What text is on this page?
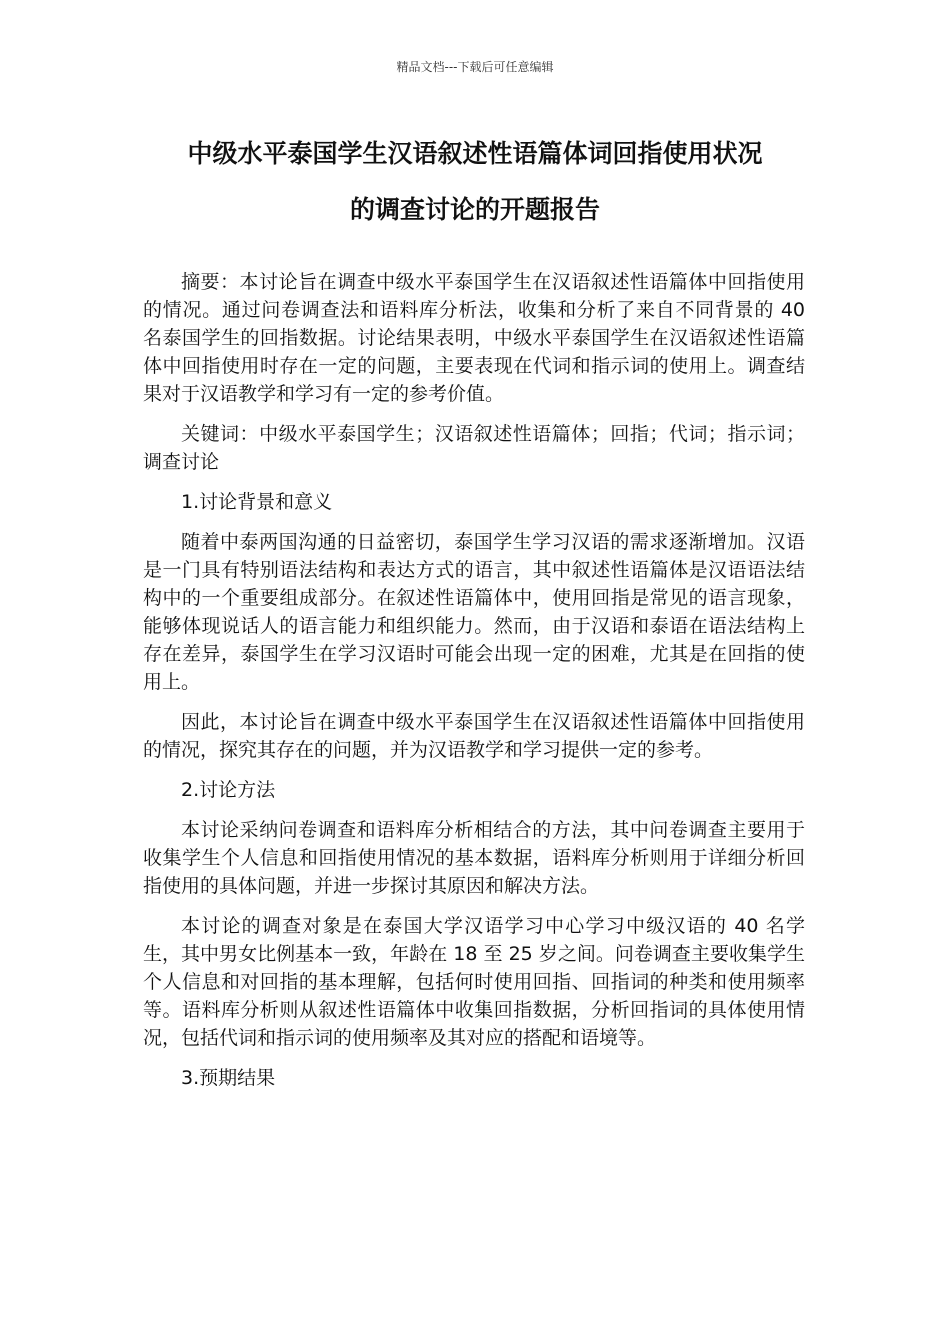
精品文档---下载后可任意编辑
中级水平泰国学生汉语叙述性语篇体词回指使用状况
的调查讨论的开题报告

摘要：本讨论旨在调查中级水平泰国学生在汉语叙述性语篇体中回指使用的情况。通过问卷调查法和语料库分析法，收集和分析了来自不同背景的 40 名泰国学生的回指数据。讨论结果表明，中级水平泰国学生在汉语叙述性语篇体中回指使用时存在一定的问题，主要表现在代词和指示词的使用上。调查结果对于汉语教学和学习有一定的参考价值。

关键词：中级水平泰国学生；汉语叙述性语篇体；回指；代词；指示词；调查讨论

1.讨论背景和意义

随着中泰两国沟通的日益密切，泰国学生学习汉语的需求逐渐增加。汉语是一门具有特别语法结构和表达方式的语言，其中叙述性语篇体是汉语语法结构中的一个重要组成部分。在叙述性语篇体中，使用回指是常见的语言现象，能够体现说话人的语言能力和组织能力。然而，由于汉语和泰语在语法结构上存在差异，泰国学生在学习汉语时可能会出现一定的困难，尤其是在回指的使用上。

因此，本讨论旨在调查中级水平泰国学生在汉语叙述性语篇体中回指使用的情况，探究其存在的问题，并为汉语教学和学习提供一定的参考。

2.讨论方法

本讨论采纳问卷调查和语料库分析相结合的方法，其中问卷调查主要用于收集学生个人信息和回指使用情况的基本数据，语料库分析则用于详细分析回指使用的具体问题，并进一步探讨其原因和解决方法。

本讨论的调查对象是在泰国大学汉语学习中心学习中级汉语的 40 名学生，其中男女比例基本一致，年龄在 18 至 25 岁之间。问卷调查主要收集学生个人信息和对回指的基本理解，包括何时使用回指、回指词的种类和使用频率等。语料库分析则从叙述性语篇体中收集回指数据，分析回指词的具体使用情况，包括代词和指示词的使用频率及其对应的搭配和语境等。

3.预期结果
